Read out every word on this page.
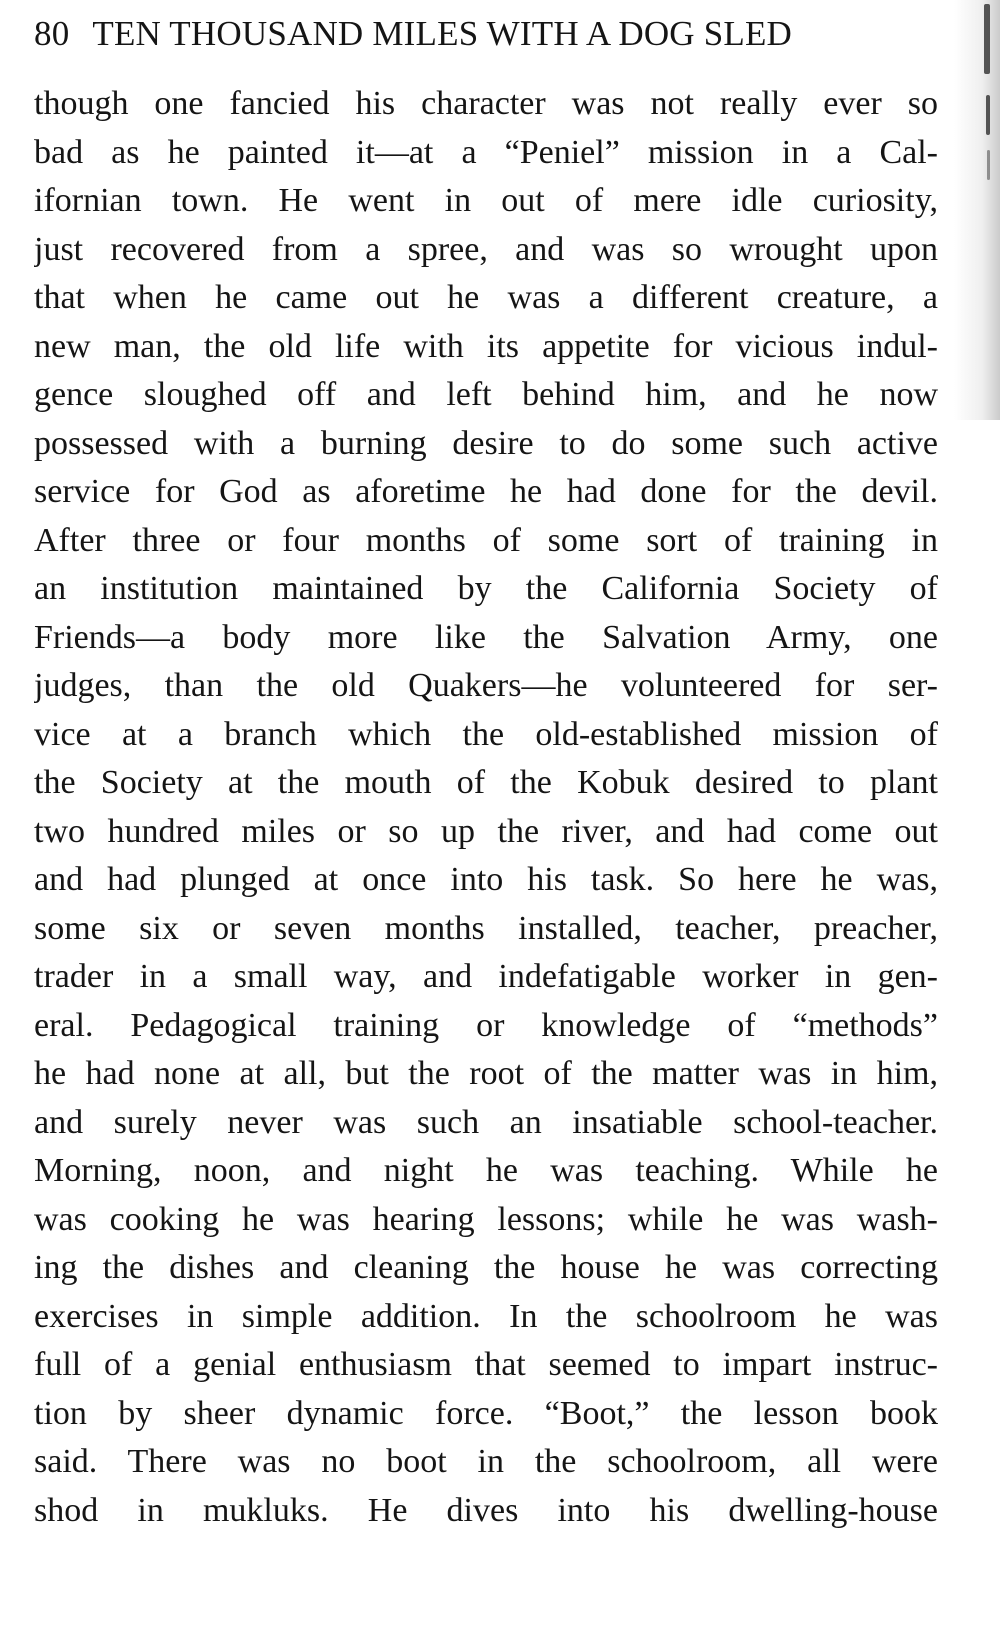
80 TEN THOUSAND MILES WITH A DOG SLED
though one fancied his character was not really ever so
bad as he painted it—at a “Peniel” mission in a Cal-
ifornian town. He went in out of mere idle curiosity,
just recovered from a spree, and was so wrought upon
that when he came out he was a different creature, a
new man, the old life with its appetite for vicious indul-
gence sloughed off and left behind him, and he now
possessed with a burning desire to do some such active
service for God as aforetime he had done for the devil.
After three or four months of some sort of training in
an institution maintained by the California Society of
Friends—a body more like the Salvation Army, one
judges, than the old Quakers—he volunteered for ser-
vice at a branch which the old-established mission of
the Society at the mouth of the Kobuk desired to plant
two hundred miles or so up the river, and had come out
and had plunged at once into his task. So here he was,
some six or seven months installed, teacher, preacher,
trader in a small way, and indefatigable worker in gen-
eral. Pedagogical training or knowledge of “methods”
he had none at all, but the root of the matter was in him,
and surely never was such an insatiable school-teacher.
Morning, noon, and night he was teaching. While he
was cooking he was hearing lessons; while he was wash-
ing the dishes and cleaning the house he was correcting
exercises in simple addition. In the schoolroom he was
full of a genial enthusiasm that seemed to impart instruc-
tion by sheer dynamic force. “Boot,” the lesson book
said. There was no boot in the schoolroom, all were
shod in mukluks. He dives into his dwelling-house
